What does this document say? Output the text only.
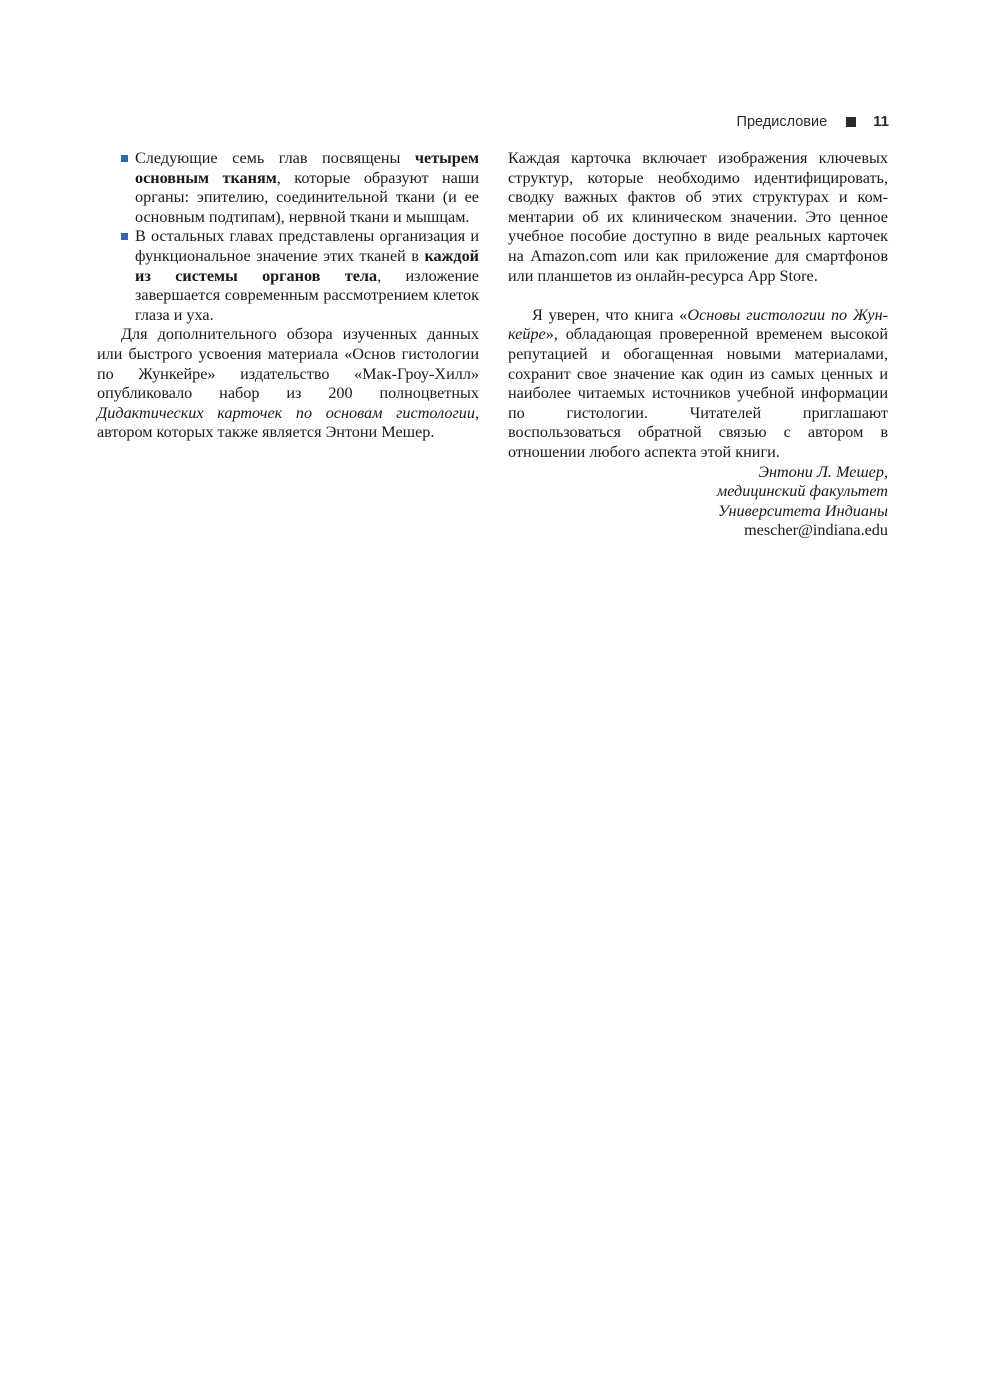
Предисловие	11
Следующие семь глав посвящены четырем основным тканям, которые образуют наши органы: эпителию, соединительной ткани (и ее основным подтипам), нервной ткани и мышцам.
В остальных главах представлены организация и функциональное значение этих тканей в каждой из системы органов тела, изложение завершается современным рассмотрением клеток глаза и уха.

Для дополнительного обзора изученных данных или быстрого усвоения материала «Основ гистологии по Жункейре» издательство «Мак-Гроу-Хилл» опубликовало набор из 200 полноцветных Дидактических карточек по основам гистологии, автором которых также является Энтони Мешер.

Каждая карточка включает изображения ключевых структур, которые необходимо идентифицировать, сводку важных фактов об этих структурах и комментарии об их клиническом значении. Это ценное учебное пособие доступно в виде реальных карточек на Amazon.com или как приложение для смартфонов или планшетов из онлайн-ресурса App Store.

Я уверен, что книга «Основы гистологии по Жункейре», обладающая проверенной временем высокой репутацией и обогащенная новыми материалами, сохранит свое значение как один из самых ценных и наиболее читаемых источников учебной информации по гистологии. Читателей приглашают воспользоваться обратной связью с автором в отношении любого аспекта этой книги.

Энтони Л. Мешер,
медицинский факультет
Университета Индианы
mescher@indiana.edu
